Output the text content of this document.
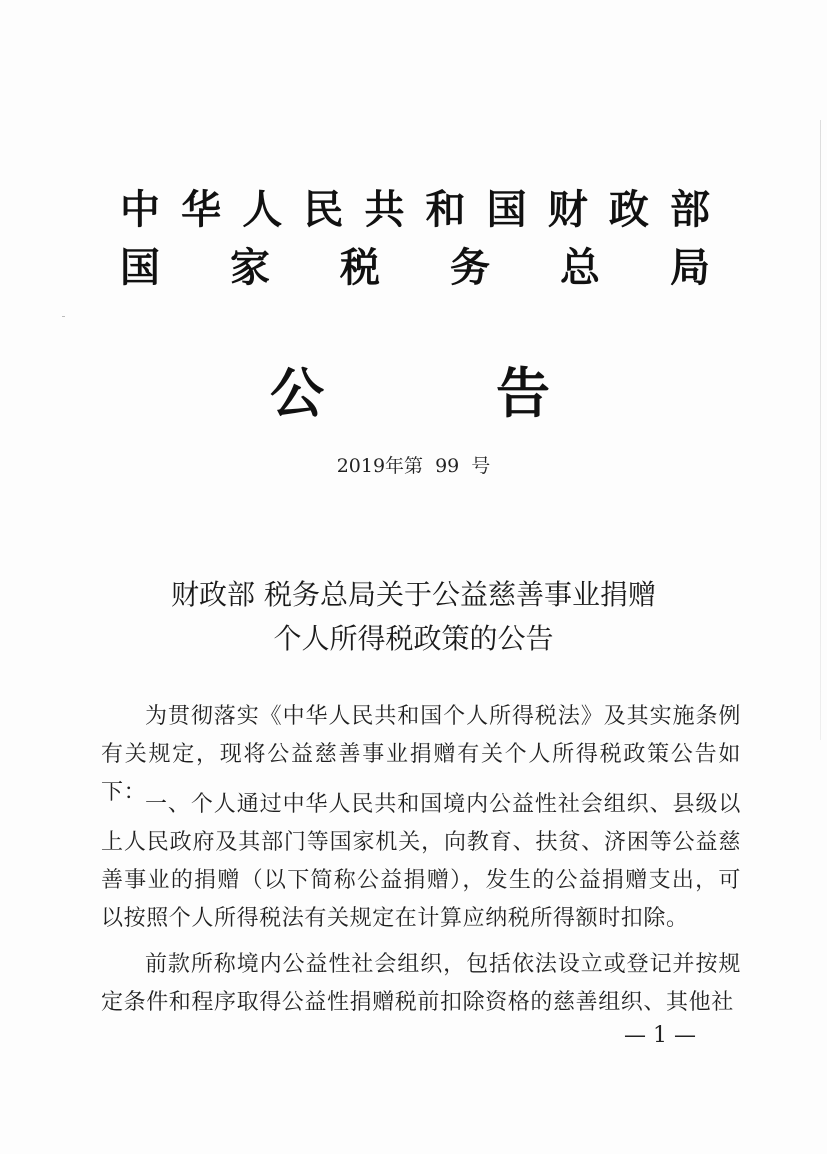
中 华 人 民 共 和 国 财 政 部
国 家 税 务 总 局
公	告
2019年第 99 号
财政部 税务总局关于公益慈善事业捐赠
个人所得税政策的公告

为贯彻落实《中华人民共和国个人所得税法》及其实施条例有关规定，现将公益慈善事业捐赠有关个人所得税政策公告如下：

一、个人通过中华人民共和国境内公益性社会组织、县级以上人民政府及其部门等国家机关，向教育、扶贫、济困等公益慈善事业的捐赠（以下简称公益捐赠），发生的公益捐赠支出，可以按照个人所得税法有关规定在计算应纳税所得额时扣除。

前款所称境内公益性社会组织，包括依法设立或登记并按规定条件和程序取得公益性捐赠税前扣除资格的慈善组织、其他社

— 1 —
